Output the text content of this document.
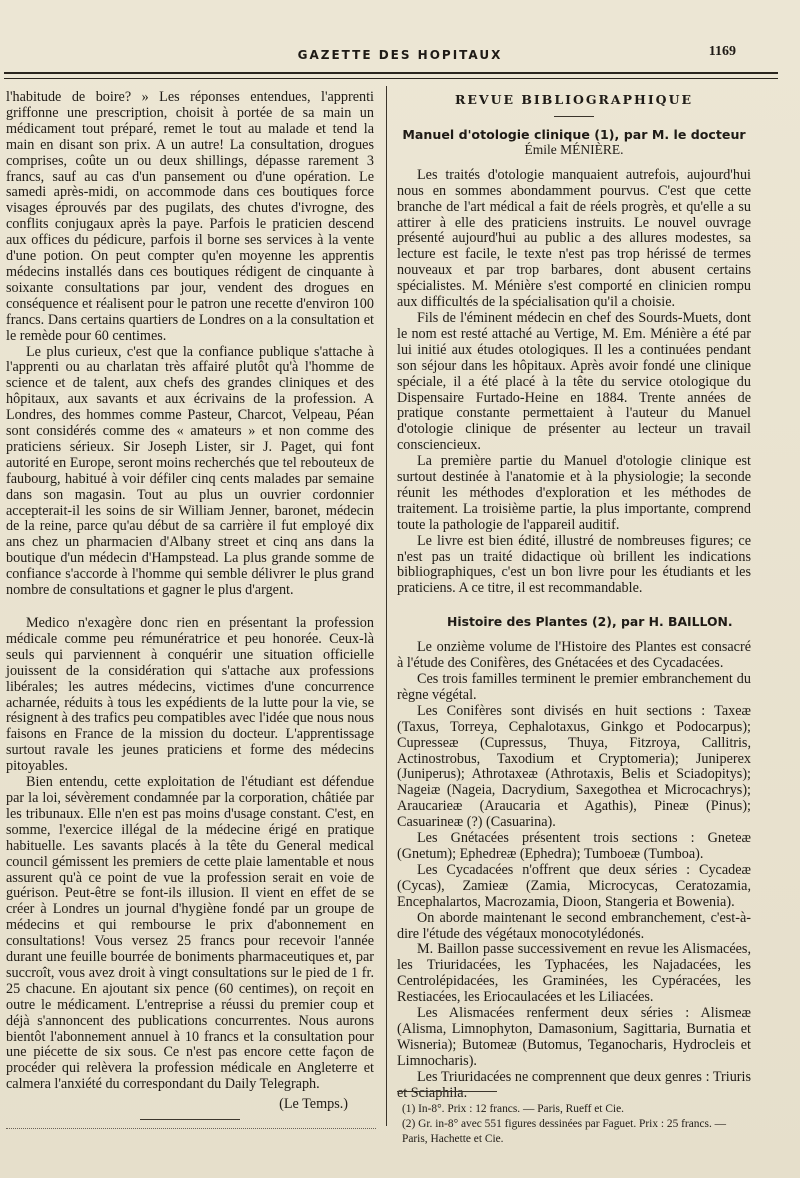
GAZETTE DES HOPITAUX	1169

l'habitude de boire? » Les réponses entendues, l'apprenti griffonne une prescription, choisit à portée de sa main un médicament tout préparé, remet le tout au malade et tend la main en disant son prix. A un autre! La consultation, drogues comprises, coûte un ou deux shillings, dépasse rarement 3 francs, sauf au cas d'un pansement ou d'une opération. Le samedi après-midi, on accommode dans ces boutiques force visages éprouvés par des pugilats, des chutes d'ivrogne, des conflits conjugaux après la paye. Parfois le praticien descend aux offices du pédicure, parfois il borne ses services à la vente d'une potion. On peut compter qu'en moyenne les apprentis médecins installés dans ces boutiques rédigent de cinquante à soixante consultations par jour, vendent des drogues en conséquence et réalisent pour le patron une recette d'environ 100 francs. Dans certains quartiers de Londres on a la consultation et le remède pour 60 centimes.

Le plus curieux, c'est que la confiance publique s'attache à l'apprenti ou au charlatan très affairé plutôt qu'à l'homme de science et de talent, aux chefs des grandes cliniques et des hôpitaux, aux savants et aux écrivains de la profession. A Londres, des hommes comme Pasteur, Charcot, Velpeau, Péan sont considérés comme des « amateurs » et non comme des praticiens sérieux. Sir Joseph Lister, sir J. Paget, qui font autorité en Europe, seront moins recherchés que tel rebouteux de faubourg, habitué à voir défiler cinq cents malades par semaine dans son magasin. Tout au plus un ouvrier cordonnier accepterait-il les soins de sir William Jenner, baronet, médecin de la reine, parce qu'au début de sa carrière il fut employé dix ans chez un pharmacien d'Albany street et cinq ans dans la boutique d'un médecin d'Hampstead. La plus grande somme de confiance s'accorde à l'homme qui semble délivrer le plus grand nombre de consultations et gagner le plus d'argent.

Medico n'exagère donc rien en présentant la profession médicale comme peu rémunératrice et peu honorée. Ceux-là seuls qui parviennent à conquérir une situation officielle jouissent de la considération qui s'attache aux professions libérales; les autres médecins, victimes d'une concurrence acharnée, réduits à tous les expédients de la lutte pour la vie, se résignent à des trafics peu compatibles avec l'idée que nous nous faisons en France de la mission du docteur. L'apprentissage surtout ravale les jeunes praticiens et forme des médecins pitoyables.

Bien entendu, cette exploitation de l'étudiant est défendue par la loi, sévèrement condamnée par la corporation, châtiée par les tribunaux. Elle n'en est pas moins d'usage constant. C'est, en somme, l'exercice illégal de la médecine érigé en pratique habituelle. Les savants placés à la tête du General medical council gémissent les premiers de cette plaie lamentable et nous assurent qu'à ce point de vue la profession serait en voie de guérison. Peut-être se font-ils illusion. Il vient en effet de se créer à Londres un journal d'hygiène fondé par un groupe de médecins et qui rembourse le prix d'abonnement en consultations! Vous versez 25 francs pour recevoir l'année durant une feuille bourrée de boniments pharmaceutiques et, par succroît, vous avez droit à vingt consultations sur le pied de 1 fr. 25 chacune. En ajoutant six pence (60 centimes), on reçoit en outre le médicament. L'entreprise a réussi du premier coup et déjà s'annoncent des publications concurrentes. Nous aurons bientôt l'abonnement annuel à 10 francs et la consultation pour une piécette de six sous. Ce n'est pas encore cette façon de procéder qui relèvera la profession médicale en Angleterre et calmera l'anxiété du correspondant du Daily Telegraph.

(Le Temps.)
REVUE BIBLIOGRAPHIQUE
Manuel d'otologie clinique (1), par M. le docteur
Émile MÉNIÈRE.

Les traités d'otologie manquaient autrefois, aujourd'hui nous en sommes abondamment pourvus. C'est que cette branche de l'art médical a fait de réels progrès, et qu'elle a su attirer à elle des praticiens instruits. Le nouvel ouvrage présenté aujourd'hui au public a des allures modestes, sa lecture est facile, le texte n'est pas trop hérissé de termes nouveaux et par trop barbares, dont abusent certains spécialistes. M. Ménière s'est comporté en clinicien rompu aux difficultés de la spécialisation qu'il a choisie.

Fils de l'éminent médecin en chef des Sourds-Muets, dont le nom est resté attaché au Vertige, M. Em. Ménière a été par lui initié aux études otologiques. Il les a continuées pendant son séjour dans les hôpitaux. Après avoir fondé une clinique spéciale, il a été placé à la tête du service otologique du Dispensaire Furtado-Heine en 1884. Trente années de pratique constante permettaient à l'auteur du Manuel d'otologie clinique de présenter au lecteur un travail consciencieux.

La première partie du Manuel d'otologie clinique est surtout destinée à l'anatomie et à la physiologie; la seconde réunit les méthodes d'exploration et les méthodes de traitement. La troisième partie, la plus importante, comprend toute la pathologie de l'appareil auditif.

Le livre est bien édité, illustré de nombreuses figures; ce n'est pas un traité didactique où brillent les indications bibliographiques, c'est un bon livre pour les étudiants et les praticiens. A ce titre, il est recommandable.

Histoire des Plantes (2), par H. BAILLON.

Le onzième volume de l'Histoire des Plantes est consacré à l'étude des Conifères, des Gnétacées et des Cycadacées.

Ces trois familles terminent le premier embranchement du règne végétal.

Les Conifères sont divisés en huit sections : Taxeæ (Taxus, Torreya, Cephalotaxus, Ginkgo et Podocarpus); Cupresseæ (Cupressus, Thuya, Fitzroya, Callitris, Actinostrobus, Taxodium et Cryptomeria); Juniperex (Juniperus); Athrotaxeæ (Athrotaxis, Belis et Sciadopitys); Nageiæ (Nageia, Dacrydium, Saxegothea et Microcachrys); Araucarieæ (Araucaria et Agathis), Pineæ (Pinus); Casuarineæ (?) (Casuarina).

Les Gnétacées présentent trois sections : Gneteæ (Gnetum); Ephedreæ (Ephedra); Tumboeæ (Tumboa).

Les Cycadacées n'offrent que deux séries : Cycadeæ (Cycas), Zamieæ (Zamia, Microcycas, Ceratozamia, Encephalartos, Macrozamia, Dioon, Stangeria et Bowenia).

On aborde maintenant le second embranchement, c'est-à-dire l'étude des végétaux monocotylédonés.

M. Baillon passe successivement en revue les Alismacées, les Triuridacées, les Typhacées, les Najadacées, les Centrolépidacées, les Graminées, les Cypéracées, les Restiacées, les Eriocaulacées et les Liliacées.

Les Alismacées renferment deux séries : Alismeæ (Alisma, Limnophyton, Damasonium, Sagittaria, Burnatia et Wisneria); Butomeæ (Butomus, Teganocharis, Hydrocleis et Limnocharis).

Les Triuridacées ne comprennent que deux genres : Triuris et Sciaphila.

(1) In-8°. Prix : 12 francs. — Paris, Rueff et Cie.
(2) Gr. in-8° avec 551 figures dessinées par Faguet. Prix : 25 francs. — Paris, Hachette et Cie.
